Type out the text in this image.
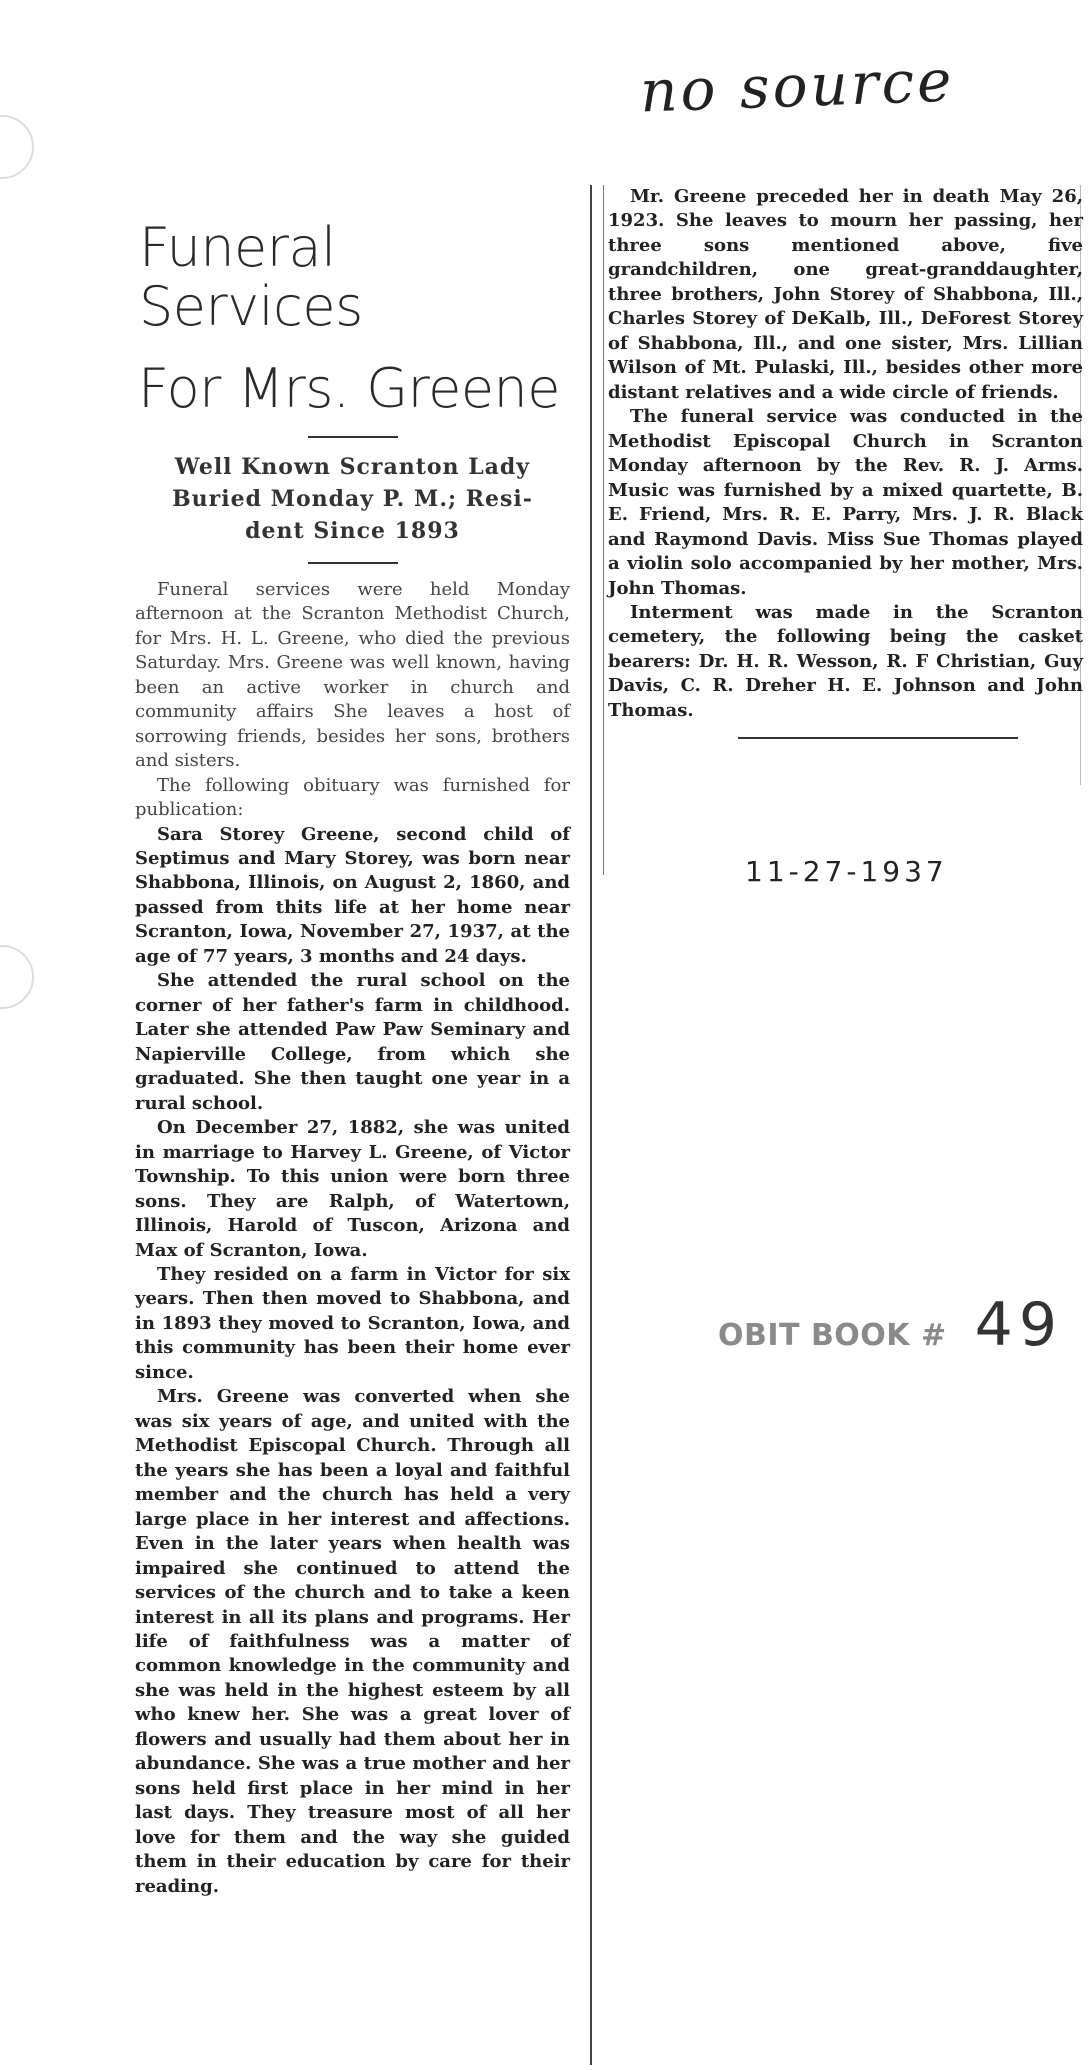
no source
Funeral Services
For Mrs. Greene
Well Known Scranton Lady
Buried Monday P. M.; Resi-
dent Since 1893

Funeral services were held Monday afternoon at the Scranton Methodist Church, for Mrs. H. L. Greene, who died the previous Saturday. Mrs. Greene was well known, having been an active worker in church and community affairs She leaves a host of sorrowing friends, besides her sons, brothers and sisters.

The following obituary was furnished for publication:

Sara Storey Greene, second child of Septimus and Mary Storey, was born near Shabbona, Illinois, on August 2, 1860, and passed from thits life at her home near Scranton, Iowa, November 27, 1937, at the age of 77 years, 3 months and 24 days.

She attended the rural school on the corner of her father's farm in childhood. Later she attended Paw Paw Seminary and Napierville College, from which she graduated. She then taught one year in a rural school.

On December 27, 1882, she was united in marriage to Harvey L. Greene, of Victor Township. To this union were born three sons. They are Ralph, of Watertown, Illinois, Harold of Tuscon, Arizona and Max of Scranton, Iowa.

They resided on a farm in Victor for six years. Then then moved to Shabbona, and in 1893 they moved to Scranton, Iowa, and this community has been their home ever since.

Mrs. Greene was converted when she was six years of age, and united with the Methodist Episcopal Church. Through all the years she has been a loyal and faithful member and the church has held a very large place in her interest and affections. Even in the later years when health was impaired she continued to attend the services of the church and to take a keen interest in all its plans and programs. Her life of faithfulness was a matter of common knowledge in the community and she was held in the highest esteem by all who knew her. She was a great lover of flowers and usually had them about her in abundance. She was a true mother and her sons held first place in her mind in her last days. They treasure most of all her love for them and the way she guided them in their education by care for their reading.

Mr. Greene preceded her in death May 26, 1923. She leaves to mourn her passing, her three sons mentioned above, five grandchildren, one great-granddaughter, three brothers, John Storey of Shabbona, Ill., Charles Storey of DeKalb, Ill., DeForest Storey of Shabbona, Ill., and one sister, Mrs. Lillian Wilson of Mt. Pulaski, Ill., besides other more distant relatives and a wide circle of friends.

The funeral service was conducted in the Methodist Episcopal Church in Scranton Monday afternoon by the Rev. R. J. Arms. Music was furnished by a mixed quartette, B. E. Friend, Mrs. R. E. Parry, Mrs. J. R. Black and Raymond Davis. Miss Sue Thomas played a violin solo accompanied by her mother, Mrs. John Thomas.

Interment was made in the Scranton cemetery, the following being the casket bearers: Dr. H. R. Wesson, R. F Christian, Guy Davis, C. R. Dreher H. E. Johnson and John Thomas.

11-27-1937
OBIT BOOK # 49
